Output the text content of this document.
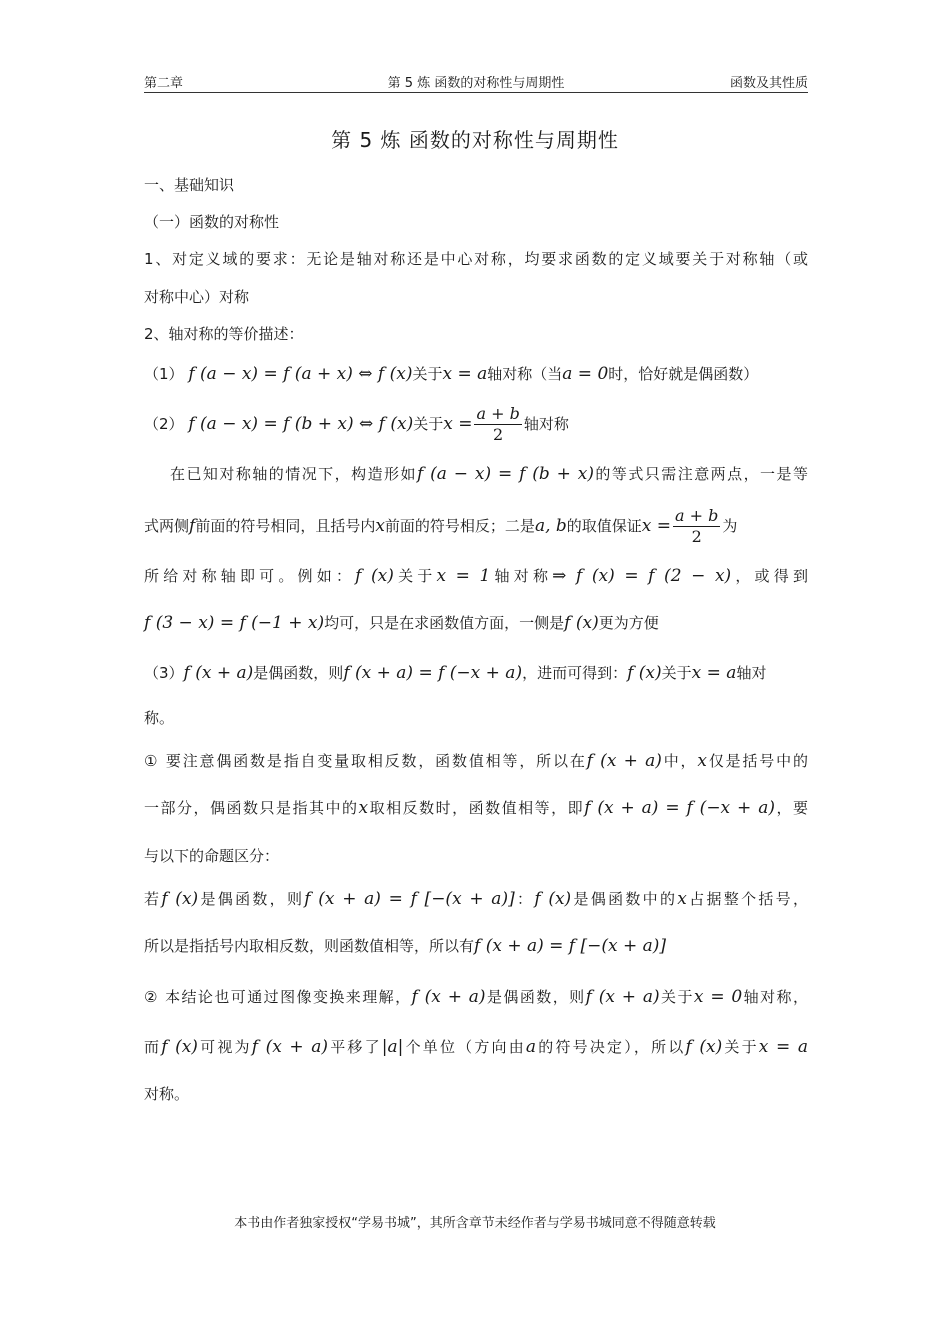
第二章	第 5 炼 函数的对称性与周期性	函数及其性质
第 5 炼 函数的对称性与周期性
一、基础知识
（一）函数的对称性
1、对定义域的要求：无论是轴对称还是中心对称，均要求函数的定义域要关于对称轴（或
对称中心）对称
2、轴对称的等价描述：
（1） f (a − x) = f (a + x) ⇔ f (x)关于x = a轴对称（当a = 0时，恰好就是偶函数）
（2） f (a − x) = f (b + x) ⇔ f (x)关于$x = \frac{a + b}{2}$ 轴对称
在已知对称轴的情况下，构造形如f (a − x) = f (b + x)的等式只需注意两点，一是等
式两侧f前面的符号相同，且括号内x前面的符号相反；二是a, b的取值保证$x = \frac{a + b}{2}$ 为
所给对称轴即可。例如：f (x)关于x = 1轴对称⇒ f (x) = f (2 − x)，或得到
f (3 − x) = f (−1 + x)均可，只是在求函数值方面，一侧是f (x)更为方便
（3）f (x + a)是偶函数，则f (x + a) = f (−x + a)，进而可得到：f (x)关于x = a轴对
称。
① 要注意偶函数是指自变量取相反数，函数值相等，所以在f (x + a)中，x仅是括号中的
一部分，偶函数只是指其中的x取相反数时，函数值相等，即f (x + a) = f (−x + a)，要
与以下的命题区分：
若f (x)是偶函数，则f (x + a) = f [−(x + a)]：f (x)是偶函数中的x占据整个括号，
所以是指括号内取相反数，则函数值相等，所以有f (x + a) = f [−(x + a)]
② 本结论也可通过图像变换来理解，f (x + a)是偶函数，则f (x + a)关于x = 0轴对称，
而f (x)可视为f (x + a)平移了|a|个单位（方向由a的符号决定），所以f (x)关于x = a
对称。
本书由作者独家授权“学易书城”，其所含章节未经作者与学易书城同意不得随意转载
